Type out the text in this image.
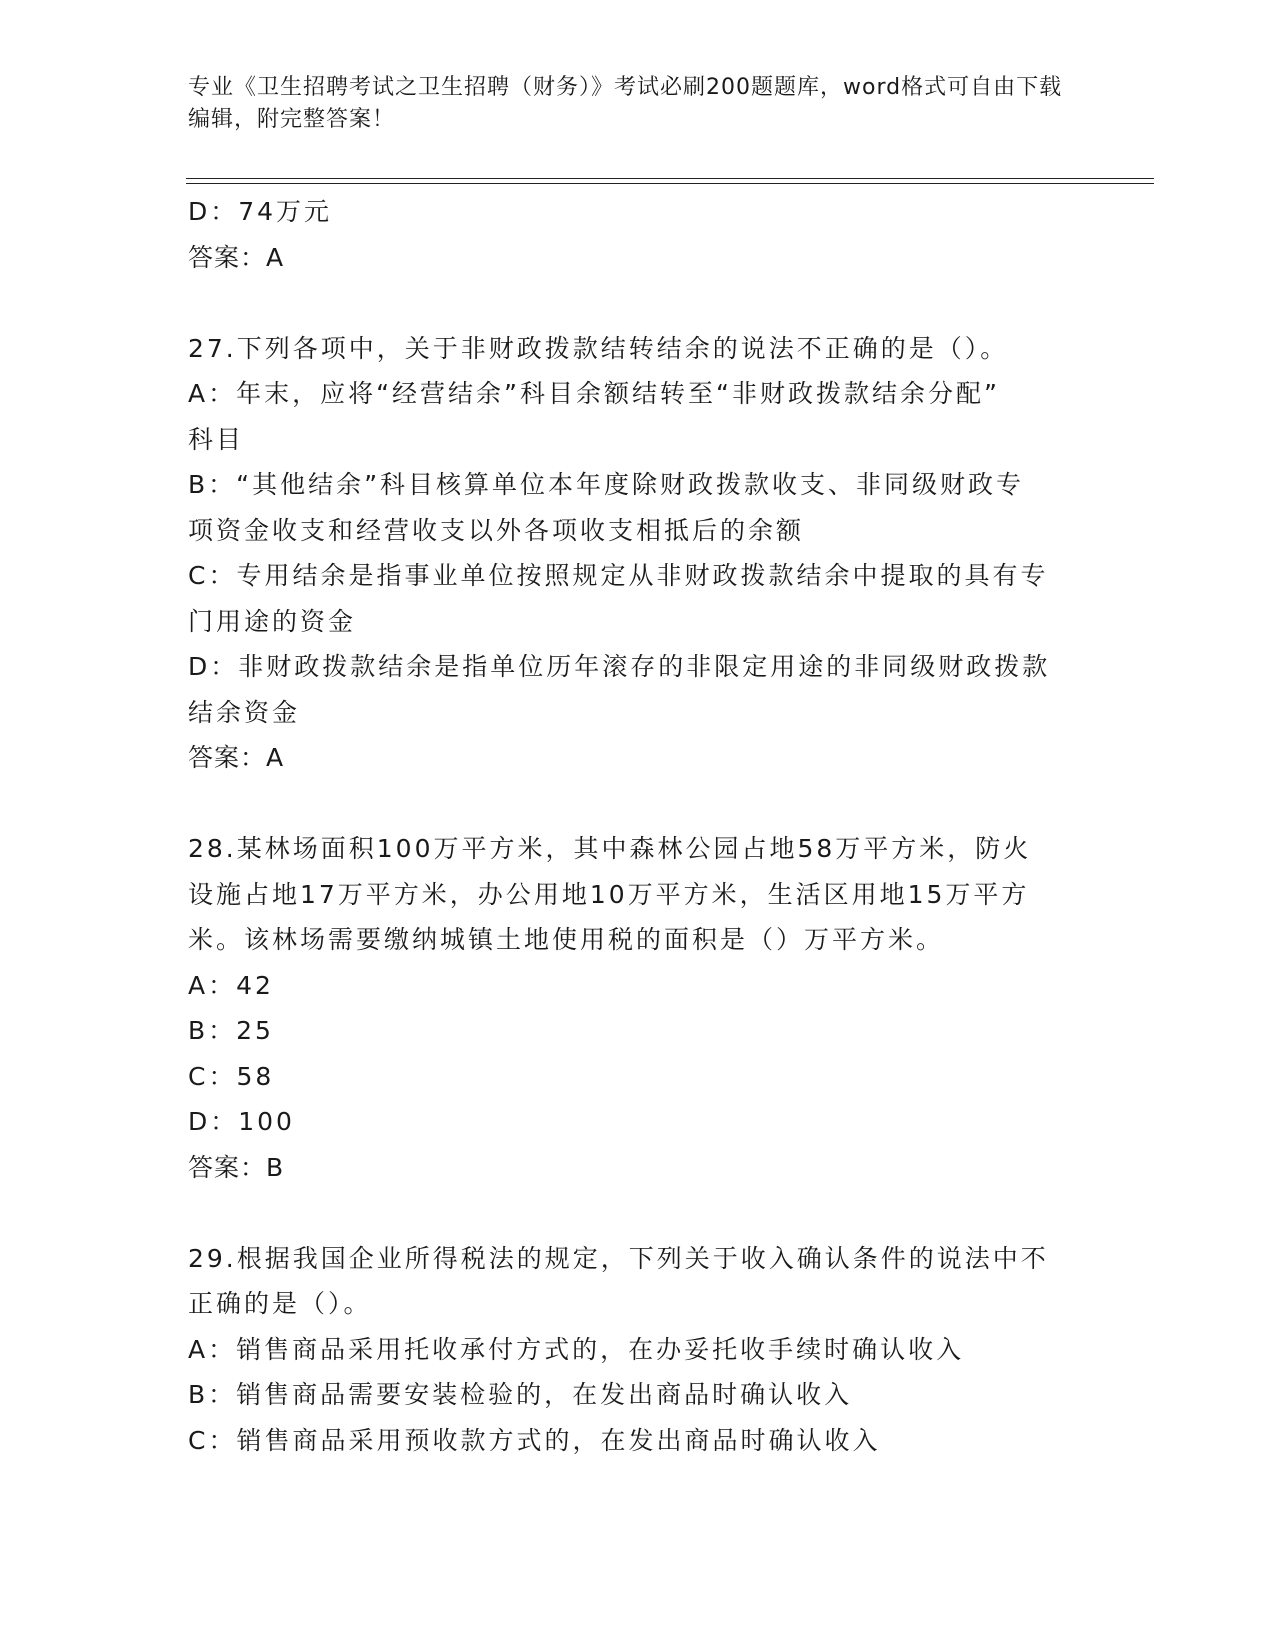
专业《卫生招聘考试之卫生招聘（财务）》考试必刷200题题库，word格式可自由下载编辑，附完整答案！
D：74万元
答案：A
27.下列各项中，关于非财政拨款结转结余的说法不正确的是（）。
A：年末，应将“经营结余”科目余额结转至“非财政拨款结余分配”
科目
B：“其他结余”科目核算单位本年度除财政拨款收支、非同级财政专
项资金收支和经营收支以外各项收支相抵后的余额
C：专用结余是指事业单位按照规定从非财政拨款结余中提取的具有专
门用途的资金
D：非财政拨款结余是指单位历年滚存的非限定用途的非同级财政拨款
结余资金
答案：A
28.某林场面积100万平方米，其中森林公园占地58万平方米，防火
设施占地17万平方米，办公用地10万平方米，生活区用地15万平方
米。该林场需要缴纳城镇土地使用税的面积是（）万平方米。
A：42
B：25
C：58
D：100
答案：B
29.根据我国企业所得税法的规定，下列关于收入确认条件的说法中不
正确的是（）。
A：销售商品采用托收承付方式的，在办妥托收手续时确认收入
B：销售商品需要安装检验的，在发出商品时确认收入
C：销售商品采用预收款方式的，在发出商品时确认收入
